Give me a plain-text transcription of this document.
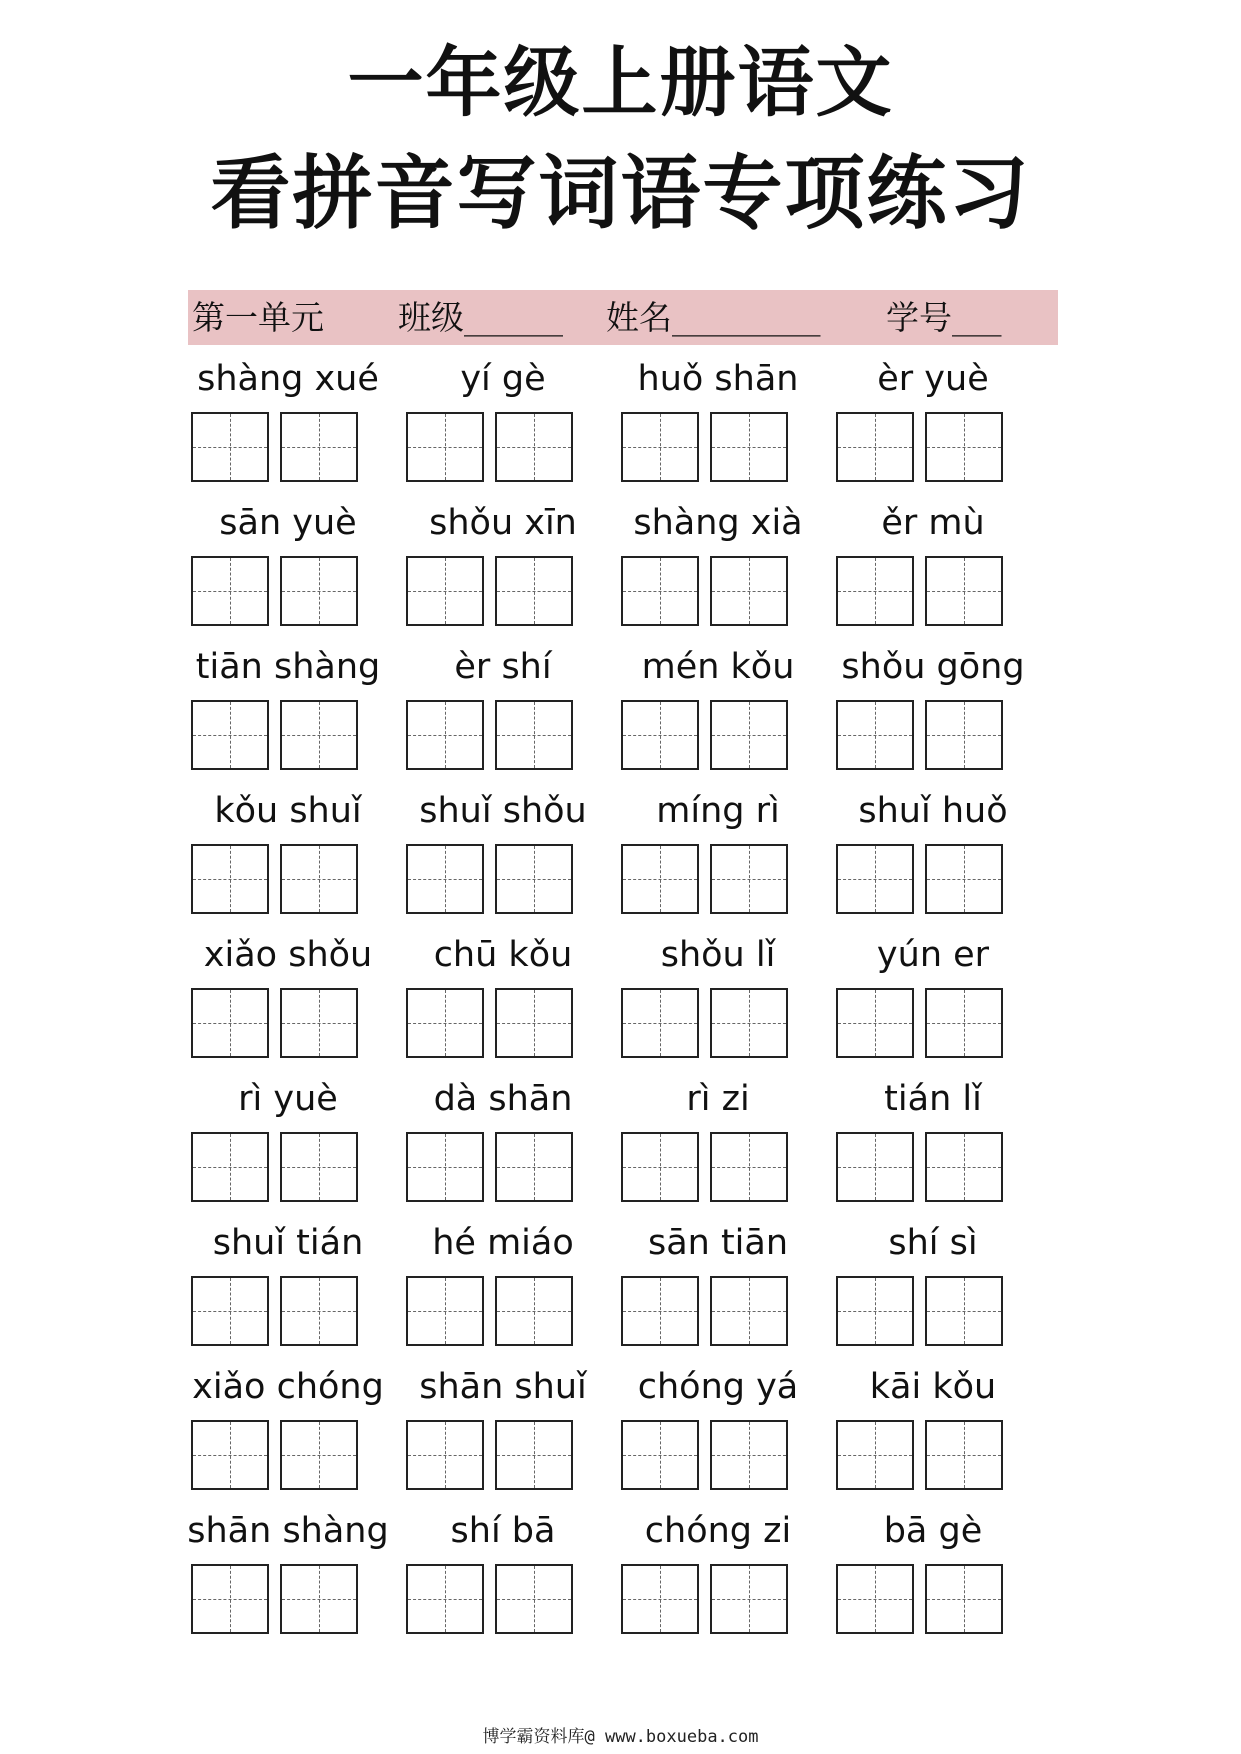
一年级上册语文
看拼音写词语专项练习
第一单元 班级______ 姓名_________ 学号___
shàng xué	yí gè	huǒ shān	èr yuè
sān yuè	shǒu xīn	shàng xià	ěr mù
tiān shàng	èr shí	mén kǒu	shǒu gōng
kǒu shuǐ	shuǐ shǒu	míng rì	shuǐ huǒ
xiǎo shǒu	chū kǒu	shǒu lǐ	yún er
rì yuè	dà shān	rì zi	tián lǐ
shuǐ tián	hé miáo	sān tiān	shí sì
xiǎo chóng	shān shuǐ	chóng yá	kāi kǒu
shān shàng	shí bā	chóng zi	bā gè
博学霸资料库@ www.boxueba.com
